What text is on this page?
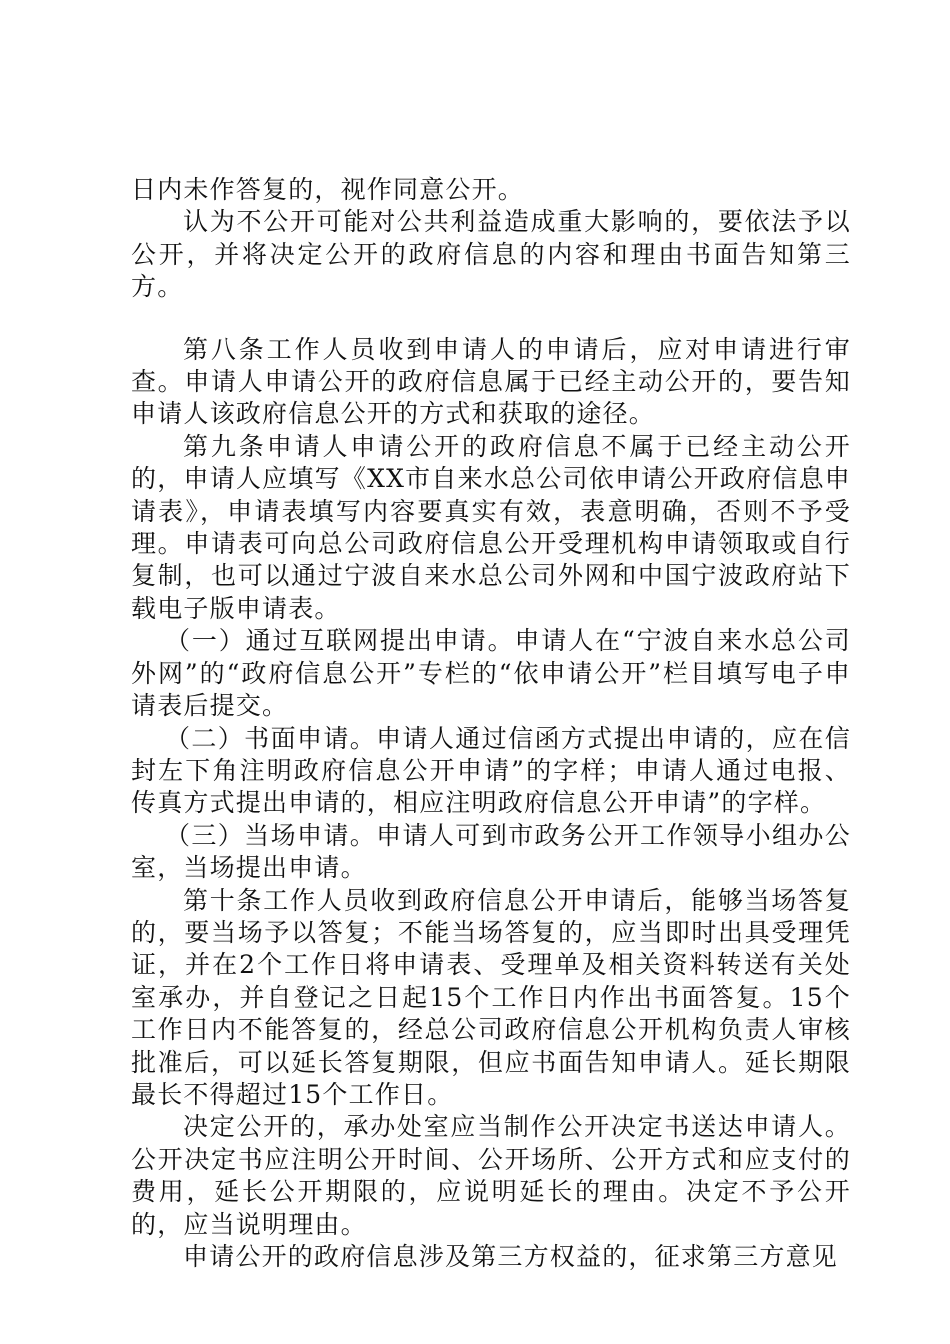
日内未作答复的，视作同意公开。

认为不公开可能对公共利益造成重大影响的，要依法予以公开，并将决定公开的政府信息的内容和理由书面告知第三方。

第八条工作人员收到申请人的申请后，应对申请进行审查。申请人申请公开的政府信息属于已经主动公开的，要告知申请人该政府信息公开的方式和获取的途径。

第九条申请人申请公开的政府信息不属于已经主动公开的，申请人应填写《XX市自来水总公司依申请公开政府信息申请表》，申请表填写内容要真实有效，表意明确，否则不予受理。申请表可向总公司政府信息公开受理机构申请领取或自行复制，也可以通过宁波自来水总公司外网和中国宁波政府站下载电子版申请表。

（一）通过互联网提出申请。申请人在“宁波自来水总公司外网”的“政府信息公开”专栏的“依申请公开”栏目填写电子申请表后提交。

（二）书面申请。申请人通过信函方式提出申请的，应在信封左下角注明政府信息公开申请”的字样；申请人通过电报、传真方式提出申请的，相应注明政府信息公开申请”的字样。

（三）当场申请。申请人可到市政务公开工作领导小组办公室，当场提出申请。

第十条工作人员收到政府信息公开申请后，能够当场答复的，要当场予以答复；不能当场答复的，应当即时出具受理凭证，并在2个工作日将申请表、受理单及相关资料转送有关处室承办，并自登记之日起15个工作日内作出书面答复。15个工作日内不能答复的，经总公司政府信息公开机构负责人审核批准后，可以延长答复期限，但应书面告知申请人。延长期限最长不得超过15个工作日。

决定公开的，承办处室应当制作公开决定书送达申请人。公开决定书应注明公开时间、公开场所、公开方式和应支付的费用，延长公开期限的，应说明延长的理由。决定不予公开的，应当说明理由。

申请公开的政府信息涉及第三方权益的，征求第三方意见
